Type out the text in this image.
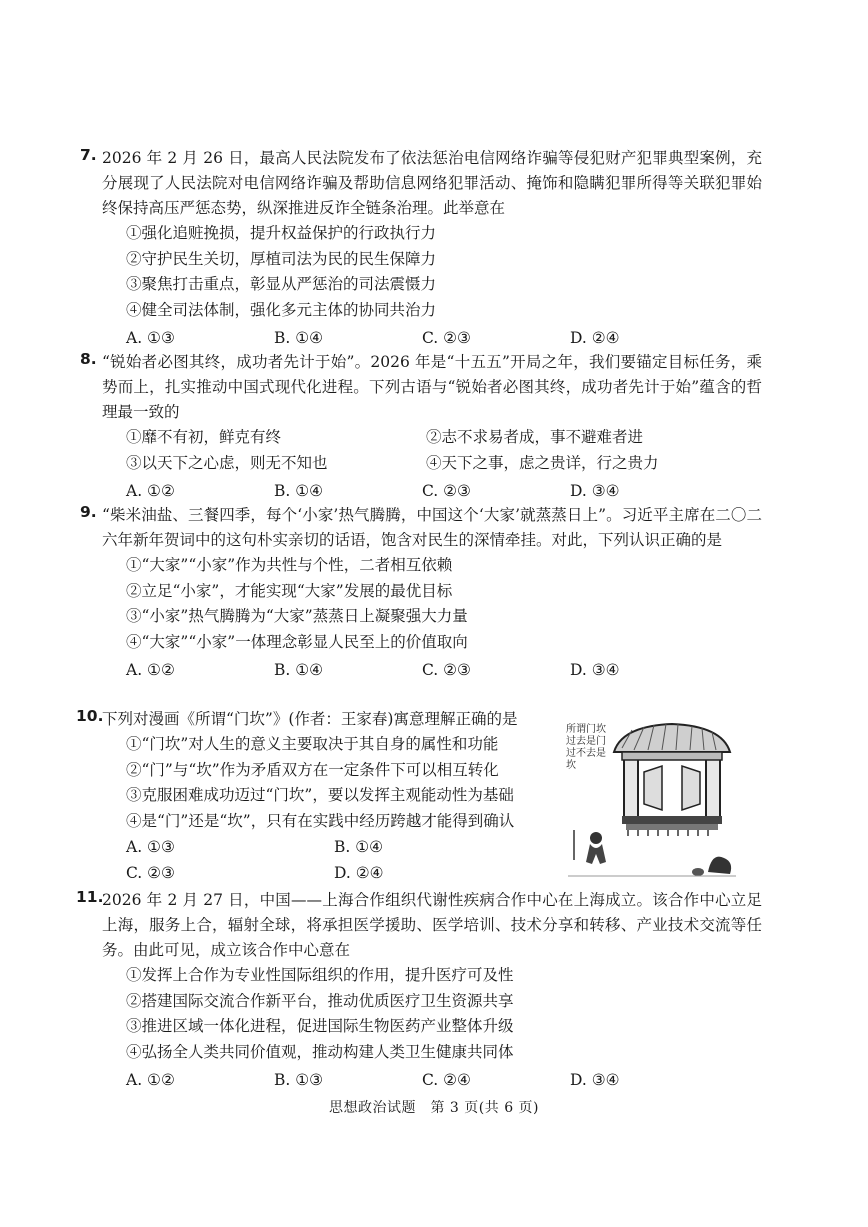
7. 2026 年 2 月 26 日，最高人民法院发布了依法惩治电信网络诈骗等侵犯财产犯罪典型案例，充分展现了人民法院对电信网络诈骗及帮助信息网络犯罪活动、掩饰和隐瞒犯罪所得等关联犯罪始终保持高压严惩态势，纵深推进反诈全链条治理。此举意在
①强化追赃挽损，提升权益保护的行政执行力
②守护民生关切，厚植司法为民的民生保障力
③聚焦打击重点，彰显从严惩治的司法震慑力
④健全司法体制，强化多元主体的协同共治力
A. ①③	B. ①④	C. ②③	D. ②④
8. “锐始者必图其终，成功者先计于始”。2026 年是“十五五”开局之年，我们要锚定目标任务，乘势而上，扎实推动中国式现代化进程。下列古语与“锐始者必图其终，成功者先计于始”蕴含的哲理最一致的
①靡不有初，鲜克有终	②志不求易者成，事不避难者进
③以天下之心虑，则无不知也	④天下之事，虑之贵详，行之贵力
A. ①②	B. ①④	C. ②③	D. ③④
9. “柴米油盐、三餐四季，每个‘小家’热气腾腾，中国这个‘大家’就蒸蒸日上”。习近平主席在二〇二六年新年贺词中的这句朴实亲切的话语，饱含对民生的深情牵挂。对此，下列认识正确的是
①“大家”“小家”作为共性与个性，二者相互依赖
②立足“小家”，才能实现“大家”发展的最优目标
③“小家”热气腾腾为“大家”蒸蒸日上凝聚强大力量
④“大家”“小家”一体理念彰显人民至上的价值取向
A. ①②	B. ①④	C. ②③	D. ③④
10.
下列对漫画《所谓“门坎”》(作者：王家春)寓意理解正确的是
①“门坎”对人生的意义主要取决于其自身的属性和功能
②“门”与“坎”作为矛盾双方在一定条件下可以相互转化
③克服困难成功迈过“门坎”，要以发挥主观能动性为基础
④是“门”还是“坎”，只有在实践中经历跨越才能得到确认
A. ①③	B. ①④
C. ②③	D. ②④
所谓门坎过去是门过不去是坎
11.
2026 年 2 月 27 日，中国——上海合作组织代谢性疾病合作中心在上海成立。该合作中心立足上海，服务上合，辐射全球，将承担医学援助、医学培训、技术分享和转移、产业技术交流等任务。由此可见，成立该合作中心意在
①发挥上合作为专业性国际组织的作用，提升医疗可及性
②搭建国际交流合作新平台，推动优质医疗卫生资源共享
③推进区域一体化进程，促进国际生物医药产业整体升级
④弘扬全人类共同价值观，推动构建人类卫生健康共同体
A. ①②	B. ①③	C. ②④	D. ③④
思想政治试题　第 3 页(共 6 页)
